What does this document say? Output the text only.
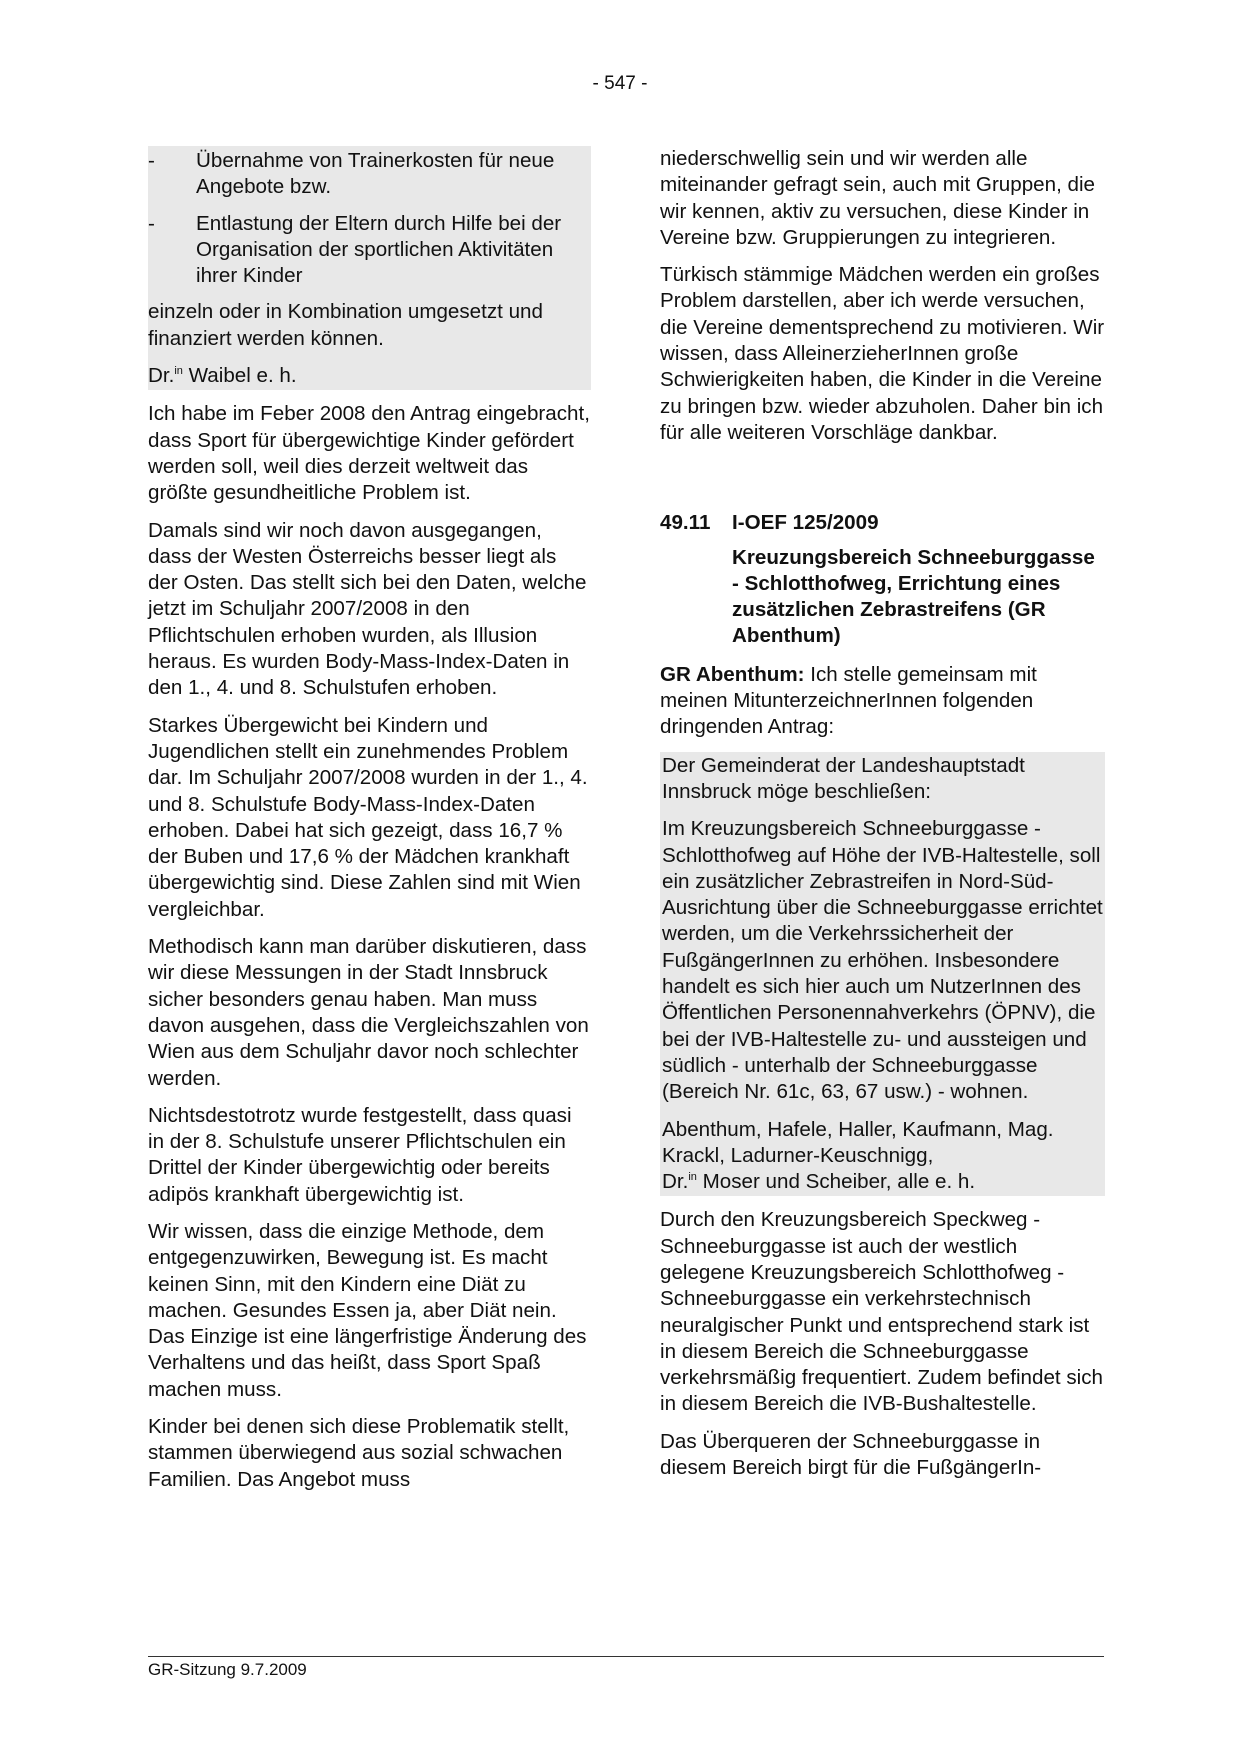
- 547 -
-	Übernahme von Trainerkosten für neue Angebote bzw.
-	Entlastung der Eltern durch Hilfe bei der Organisation der sportlichen Aktivitäten ihrer Kinder

einzeln oder in Kombination umgesetzt und finanziert werden können.

Dr.$^{in}$ Waibel e. h.

Ich habe im Feber 2008 den Antrag eingebracht, dass Sport für übergewichtige Kinder gefördert werden soll, weil dies derzeit weltweit das größte gesundheitliche Problem ist.

Damals sind wir noch davon ausgegangen, dass der Westen Österreichs besser liegt als der Osten. Das stellt sich bei den Daten, welche jetzt im Schuljahr 2007/2008 in den Pflichtschulen erhoben wurden, als Illusion heraus. Es wurden Body-Mass-Index-Daten in den 1., 4. und 8. Schulstufen erhoben.

Starkes Übergewicht bei Kindern und Jugendlichen stellt ein zunehmendes Problem dar. Im Schuljahr 2007/2008 wurden in der 1., 4. und 8. Schulstufe Body-Mass-Index-Daten erhoben. Dabei hat sich gezeigt, dass 16,7 % der Buben und 17,6 % der Mädchen krankhaft übergewichtig sind. Diese Zahlen sind mit Wien vergleichbar.

Methodisch kann man darüber diskutieren, dass wir diese Messungen in der Stadt Innsbruck sicher besonders genau haben. Man muss davon ausgehen, dass die Vergleichszahlen von Wien aus dem Schuljahr davor noch schlechter werden.

Nichtsdestotrotz wurde festgestellt, dass quasi in der 8. Schulstufe unserer Pflichtschulen ein Drittel der Kinder übergewichtig oder bereits adipös krankhaft übergewichtig ist.

Wir wissen, dass die einzige Methode, dem entgegenzuwirken, Bewegung ist. Es macht keinen Sinn, mit den Kindern eine Diät zu machen. Gesundes Essen ja, aber Diät nein. Das Einzige ist eine längerfristige Änderung des Verhaltens und das heißt, dass Sport Spaß machen muss.

Kinder bei denen sich diese Problematik stellt, stammen überwiegend aus sozial schwachen Familien. Das Angebot muss

niederschwellig sein und wir werden alle miteinander gefragt sein, auch mit Gruppen, die wir kennen, aktiv zu versuchen, diese Kinder in Vereine bzw. Gruppierungen zu integrieren.

Türkisch stämmige Mädchen werden ein großes Problem darstellen, aber ich werde versuchen, die Vereine dementsprechend zu motivieren. Wir wissen, dass AlleinerzieherInnen große Schwierigkeiten haben, die Kinder in die Vereine zu bringen bzw. wieder abzuholen. Daher bin ich für alle weiteren Vorschläge dankbar.

49.11	I-OEF 125/2009
Kreuzungsbereich Schneeburggasse - Schlotthofweg, Errichtung eines zusätzlichen Zebrastreifens (GR Abenthum)

GR Abenthum: Ich stelle gemeinsam mit meinen MitunterzeichnerInnen folgenden dringenden Antrag:

Der Gemeinderat der Landeshauptstadt Innsbruck möge beschließen:

Im Kreuzungsbereich Schneeburggasse - Schlotthofweg auf Höhe der IVB-Haltestelle, soll ein zusätzlicher Zebrastreifen in Nord-Süd-Ausrichtung über die Schneeburggasse errichtet werden, um die Verkehrssicherheit der FußgängerInnen zu erhöhen. Insbesondere handelt es sich hier auch um NutzerInnen des Öffentlichen Personennahverkehrs (ÖPNV), die bei der IVB-Haltestelle zu- und aussteigen und südlich - unterhalb der Schneeburggasse (Bereich Nr. 61c, 63, 67 usw.) - wohnen.

Abenthum, Hafele, Haller, Kaufmann, Mag. Krackl, Ladurner-Keuschnigg,
Dr.$^{in}$ Moser und Scheiber, alle e. h.

Durch den Kreuzungsbereich Speckweg - Schneeburggasse ist auch der westlich gelegene Kreuzungsbereich Schlotthofweg - Schneeburggasse ein verkehrstechnisch neuralgischer Punkt und entsprechend stark ist in diesem Bereich die Schneeburggasse verkehrsmäßig frequentiert. Zudem befindet sich in diesem Bereich die IVB-Bushaltestelle.

Das Überqueren der Schneeburggasse in diesem Bereich birgt für die FußgängerIn-

GR-Sitzung 9.7.2009
